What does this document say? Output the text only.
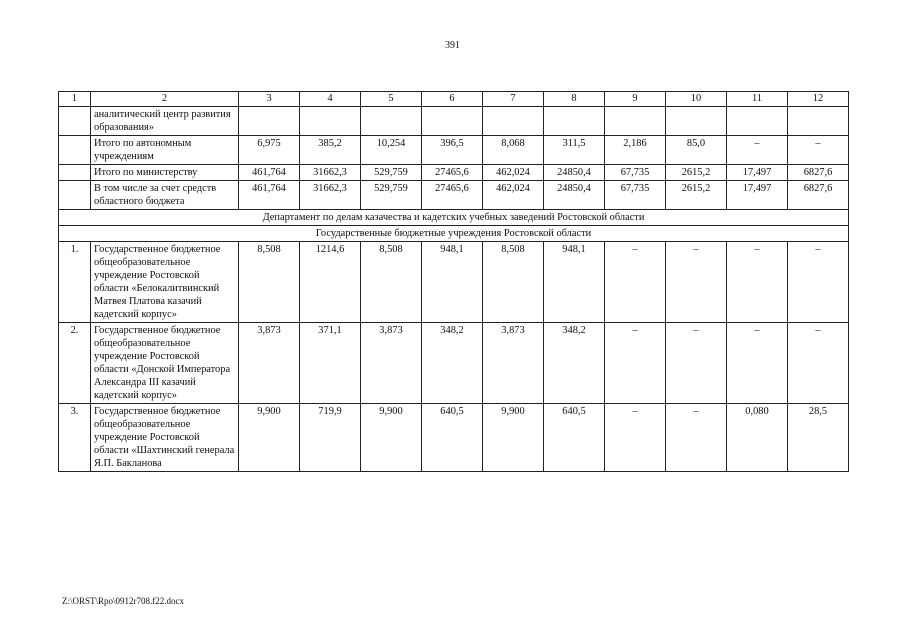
391
1	2	3	4	5	6	7	8	9	10	11	12
	аналитический центр развития образования»										
	Итого по автономным учреждениям	6,975	385,2	10,254	396,5	8,068	311,5	2,186	85,0	–	–
	Итого по министерству	461,764	31662,3	529,759	27465,6	462,024	24850,4	67,735	2615,2	17,497	6827,6
	В том числе за счет средств областного бюджета	461,764	31662,3	529,759	27465,6	462,024	24850,4	67,735	2615,2	17,497	6827,6
Департамент по делам казачества и кадетских учебных заведений Ростовской области											
Государственные бюджетные учреждения Ростовской области											
1.	Государственное бюджетное общеобразовательное учреждение Ростовской области «Белокалитвинский Матвея Платова казачий кадетский корпус»	8,508	1214,6	8,508	948,1	8,508	948,1	–	–	–	–
2.	Государственное бюджетное общеобразовательное учреждение Ростовской области «Донской Императора Александра III казачий кадетский корпус»	3,873	371,1	3,873	348,2	3,873	348,2	–	–	–	–
3.	Государственное бюджетное общеобразовательное учреждение Ростовской области «Шахтинский генерала Я.П. Бакланова	9,900	719,9	9,900	640,5	9,900	640,5	–	–	0,080	28,5
Z:\ORST\Rpo\0912r708.f22.docx
